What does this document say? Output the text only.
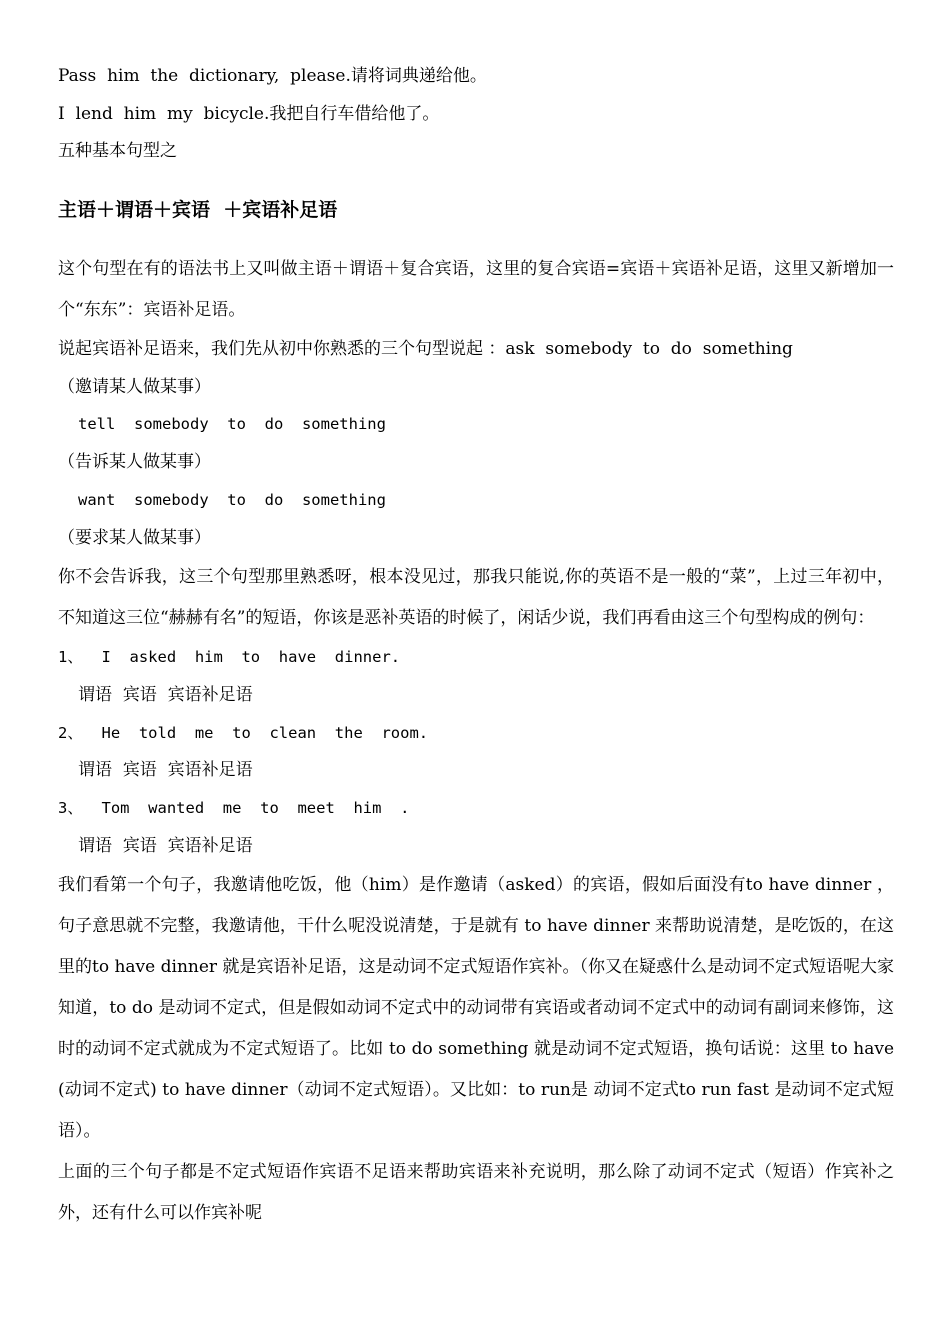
Pass  him  the  dictionary,  please.请将词典递给他。

I  lend  him  my  bicycle.我把自行车借给他了。

五种基本句型之

主语＋谓语＋宾语  ＋宾语补足语

这个句型在有的语法书上又叫做主语＋谓语＋复合宾语，这里的复合宾语=宾语＋宾语补足语，这里又新增加一个“东东”：宾语补足语。

说起宾语补足语来，我们先从初中你熟悉的三个句型说起 ：ask  somebody  to  do  something

（邀请某人做某事）

tell  somebody  to  do  something

（告诉某人做某事）

want  somebody  to  do  something

（要求某人做某事）

你不会告诉我，这三个句型那里熟悉呀，根本没见过，那我只能说,你的英语不是一般的“菜”，上过三年初中，不知道这三位“赫赫有名”的短语，你该是恶补英语的时候了，闲话少说，我们再看由这三个句型构成的例句：

1、  I  asked  him  to  have  dinner.

谓语  宾语  宾语补足语

2、  He  told  me  to  clean  the  room.

谓语  宾语  宾语补足语

3、  Tom  wanted  me  to  meet  him  .

谓语  宾语  宾语补足语

我们看第一个句子，我邀请他吃饭，他（him）是作邀请（asked）的宾语，假如后面没有to have dinner ，句子意思就不完整，我邀请他，干什么呢没说清楚，于是就有 to have dinner 来帮助说清楚，是吃饭的，在这里的to have dinner 就是宾语补足语，这是动词不定式短语作宾补。（你又在疑惑什么是动词不定式短语呢大家知道，to do 是动词不定式，但是假如动词不定式中的动词带有宾语或者动词不定式中的动词有副词来修饰，这时的动词不定式就成为不定式短语了。比如 to do something 就是动词不定式短语，换句话说：这里 to have(动词不定式) to have dinner（动词不定式短语）。又比如：to run是 动词不定式to run fast 是动词不定式短语）。

上面的三个句子都是不定式短语作宾语不足语来帮助宾语来补充说明，那么除了动词不定式（短语）作宾补之外，还有什么可以作宾补呢
